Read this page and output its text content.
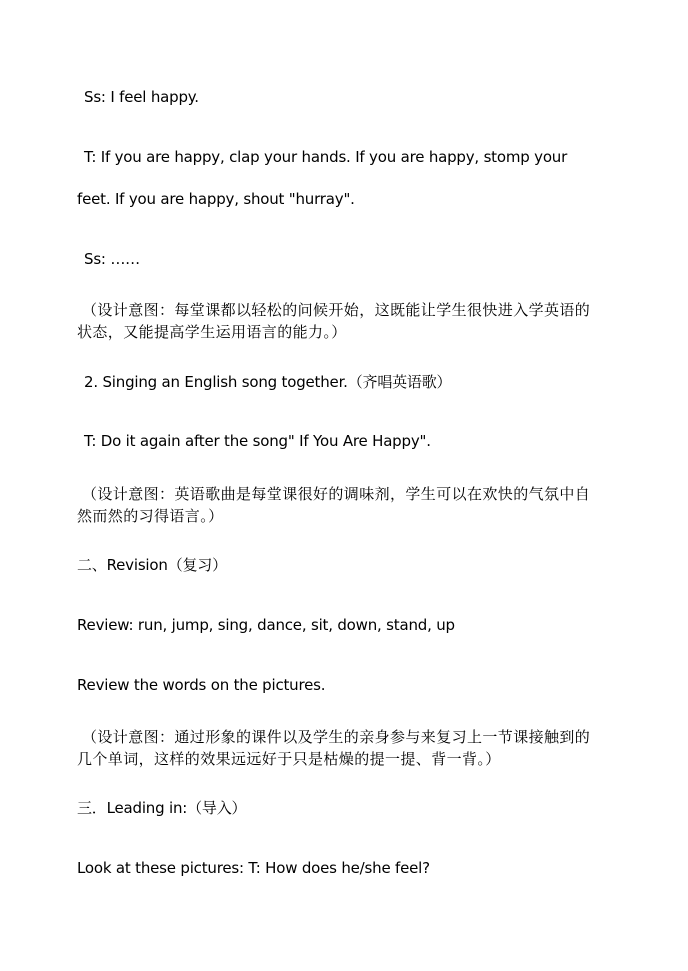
Ss: I feel happy.

T: If you are happy, clap your hands. If you are happy, stomp your

feet. If you are happy, shout "hurray".

Ss: ……

（设计意图：每堂课都以轻松的问候开始，这既能让学生很快进入学英语的

状态，又能提高学生运用语言的能力。）

2. Singing an English song together.（齐唱英语歌）

T: Do it again after the song" If You Are Happy".

（设计意图：英语歌曲是每堂课很好的调味剂，学生可以在欢快的气氛中自

然而然的习得语言。）

二、Revision（复习）

Review: run, jump, sing, dance, sit, down, stand, up

Review the words on the pictures.

（设计意图：通过形象的课件以及学生的亲身参与来复习上一节课接触到的

几个单词，这样的效果远远好于只是枯燥的提一提、背一背。）

三．Leading in:（导入）

Look at these pictures: T: How does he/she feel?
